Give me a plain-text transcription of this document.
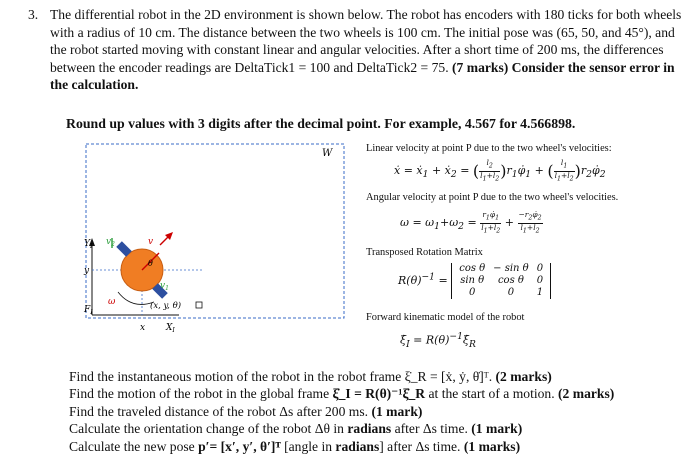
3. The differential robot in the 2D environment is shown below. The robot has encoders with 180 ticks for both wheels with a radius of 10 cm. The distance between the two wheels is 100 cm. The initial pose was (65, 50, and 45°), and the robot started moving with constant linear and angular velocities. After a short time of 200 ms, the differences between the encoder readings are DeltaTick1 = 100 and DeltaTick2 = 75. (7 marks) Consider the sensor error in the calculation.
Round up values with 3 digits after the decimal point. For example, 4.567 for 4.566898.
W
$Y_I$
y
$F_I$
x $X_I$
$v_2$	v
$v_1$
θ
ω	(x, y, θ)
Linear velocity at point P due to the two wheel's velocities:
ẋ = ẋ$_1$ + ẋ$_2$ = ( $\frac{l_2}{l_1+l_2}$ )$r_1\varphi̇_1$ + ( $\frac{l_1}{l_1+l_2}$ )$r_2\varphi̇_2$
Angular velocity at point P due to the two wheel's velocities.
$\omega = \omega_1+\omega_2 = \frac{r_1\varphi̇_1}{l_1+l_2} + \frac{-r_2\varphi̇_2}{l_1+l_2}$
Transposed Rotation Matrix
$R(\theta)^{-1}$ =
cos θ	− sin θ	0
sin θ	cos θ	0
0	0	1
Forward kinematic model of the robot
$\xi̇_I$ = $R(\theta)^{-1}\xi̇_R$
Find the instantaneous motion of the robot in the robot frame ξ̇_R = [ẋ, ẏ, θ̇]ᵀ. (2 marks)
Find the motion of the robot in the global frame ξ̇_I = R(θ)⁻¹ξ̇_R at the start of a motion. (2 marks)
Find the traveled distance of the robot Δs after 200 ms. (1 mark)
Calculate the orientation change of the robot Δθ in radians after Δs time. (1 mark)
Calculate the new pose p′= [x′, y′, θ′]ᵀ [angle in radians] after Δs time. (1 marks)
